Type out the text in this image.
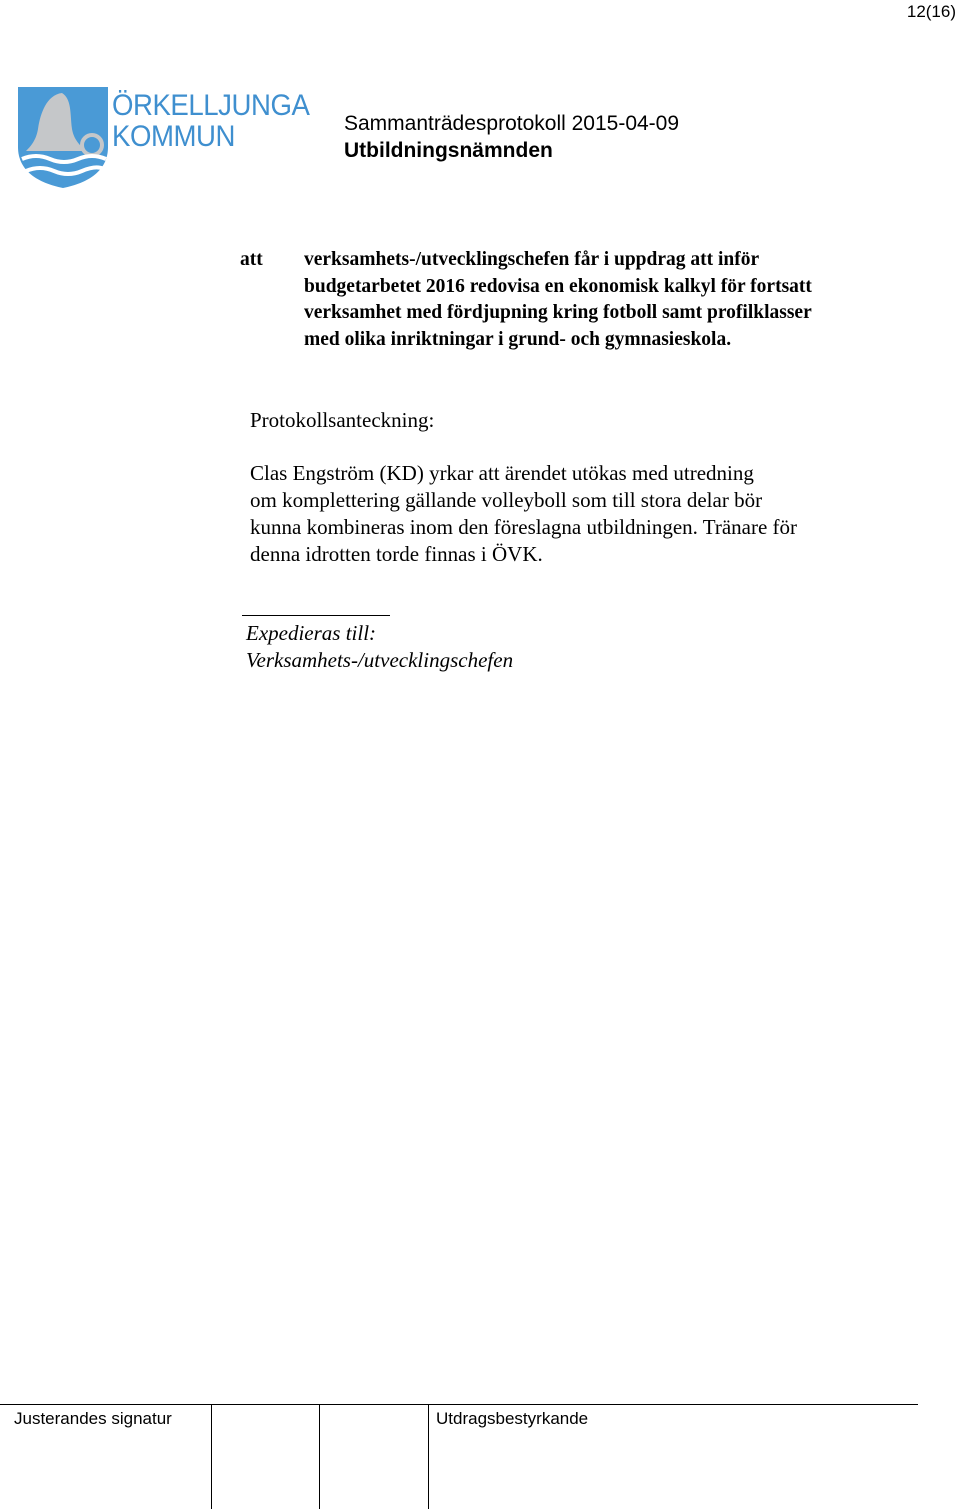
12(16)
ÖRKELLJUNGA
KOMMUN	Sammanträdesprotokoll 2015-04-09
Utbildningsnämnden
att verksamhets-/utvecklingschefen får i uppdrag att inför
budgetarbetet 2016 redovisa en ekonomisk kalkyl för fortsatt
verksamhet med fördjupning kring fotboll samt profilklasser
med olika inriktningar i grund- och gymnasieskola.
Protokollsanteckning:
Clas Engström (KD) yrkar att ärendet utökas med utredning
om komplettering gällande volleyboll som till stora delar bör
kunna kombineras inom den föreslagna utbildningen. Tränare för
denna idrotten torde finnas i ÖVK.
Expedieras till:
Verksamhets-/utvecklingschefen
Justerandes signatur	Utdragsbestyrkande
